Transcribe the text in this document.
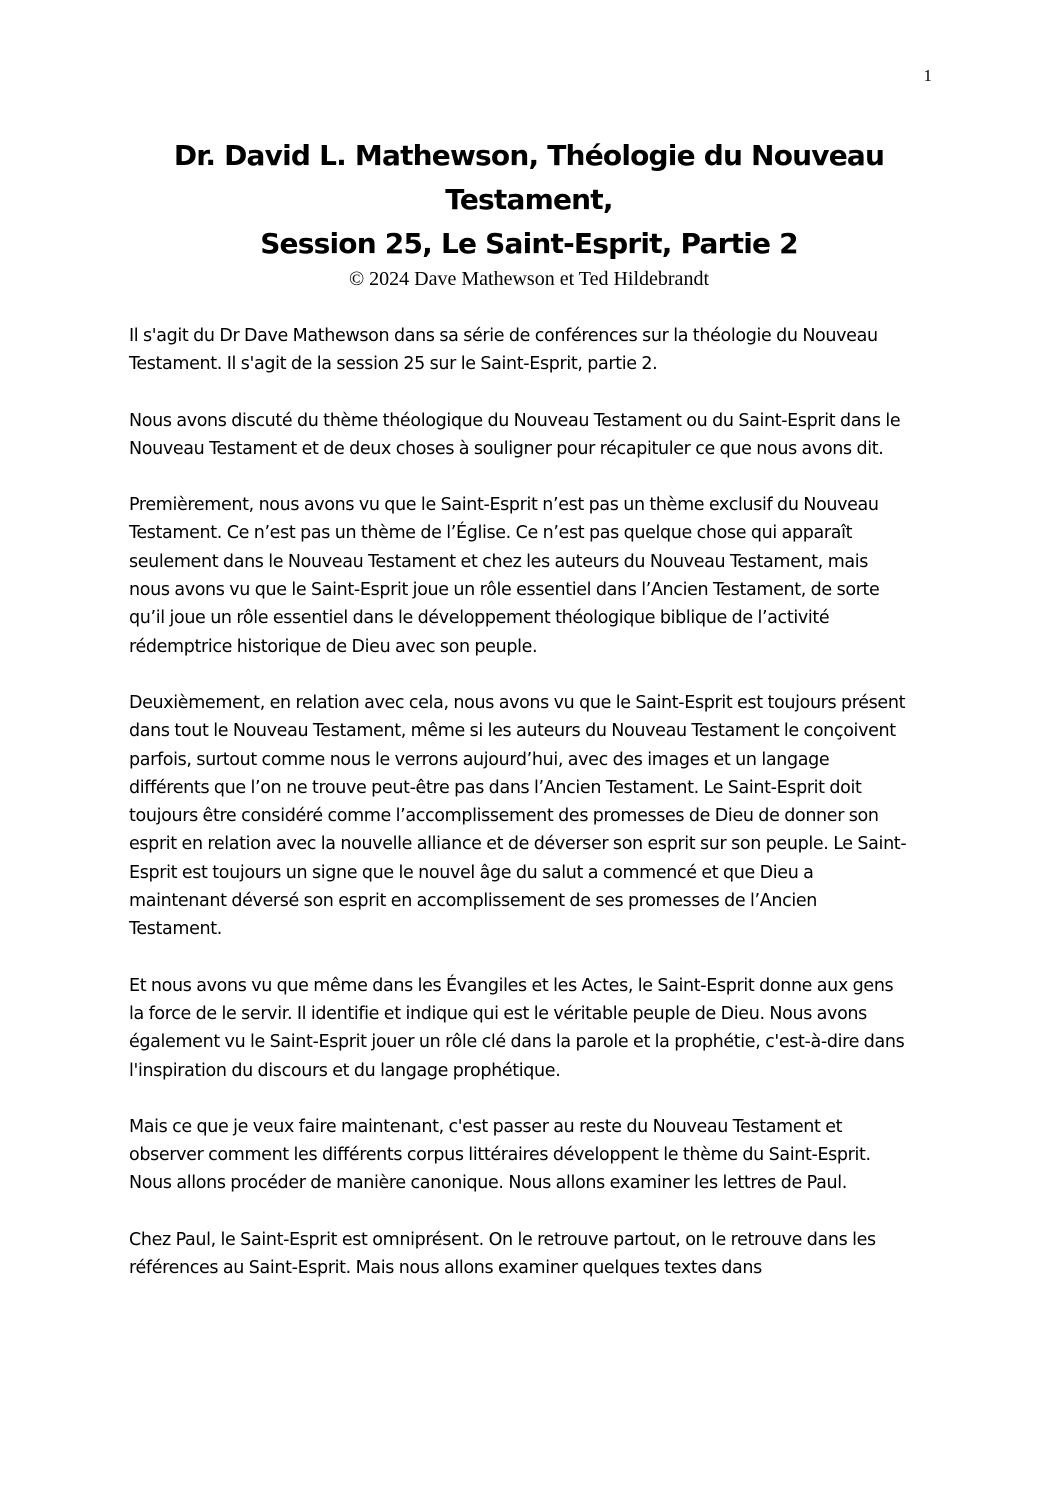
1
Dr. David L. Mathewson, Théologie du Nouveau
Testament,
Session 25, Le Saint-Esprit, Partie 2

© 2024 Dave Mathewson et Ted Hildebrandt

Il s'agit du Dr Dave Mathewson dans sa série de conférences sur la théologie du Nouveau Testament. Il s'agit de la session 25 sur le Saint-Esprit, partie 2.

Nous avons discuté du thème théologique du Nouveau Testament ou du Saint-Esprit dans le Nouveau Testament et de deux choses à souligner pour récapituler ce que nous avons dit.

Premièrement, nous avons vu que le Saint-Esprit n’est pas un thème exclusif du Nouveau Testament. Ce n’est pas un thème de l’Église. Ce n’est pas quelque chose qui apparaît seulement dans le Nouveau Testament et chez les auteurs du Nouveau Testament, mais nous avons vu que le Saint-Esprit joue un rôle essentiel dans l’Ancien Testament, de sorte qu’il joue un rôle essentiel dans le développement théologique biblique de l’activité rédemptrice historique de Dieu avec son peuple.

Deuxièmement, en relation avec cela, nous avons vu que le Saint-Esprit est toujours présent dans tout le Nouveau Testament, même si les auteurs du Nouveau Testament le conçoivent parfois, surtout comme nous le verrons aujourd’hui, avec des images et un langage différents que l’on ne trouve peut-être pas dans l’Ancien Testament. Le Saint-Esprit doit toujours être considéré comme l’accomplissement des promesses de Dieu de donner son esprit en relation avec la nouvelle alliance et de déverser son esprit sur son peuple. Le Saint-Esprit est toujours un signe que le nouvel âge du salut a commencé et que Dieu a maintenant déversé son esprit en accomplissement de ses promesses de l’Ancien Testament.

Et nous avons vu que même dans les Évangiles et les Actes, le Saint-Esprit donne aux gens la force de le servir. Il identifie et indique qui est le véritable peuple de Dieu. Nous avons également vu le Saint-Esprit jouer un rôle clé dans la parole et la prophétie, c'est-à-dire dans l'inspiration du discours et du langage prophétique.

Mais ce que je veux faire maintenant, c'est passer au reste du Nouveau Testament et observer comment les différents corpus littéraires développent le thème du Saint-Esprit. Nous allons procéder de manière canonique. Nous allons examiner les lettres de Paul.

Chez Paul, le Saint-Esprit est omniprésent. On le retrouve partout, on le retrouve dans les références au Saint-Esprit. Mais nous allons examiner quelques textes dans
